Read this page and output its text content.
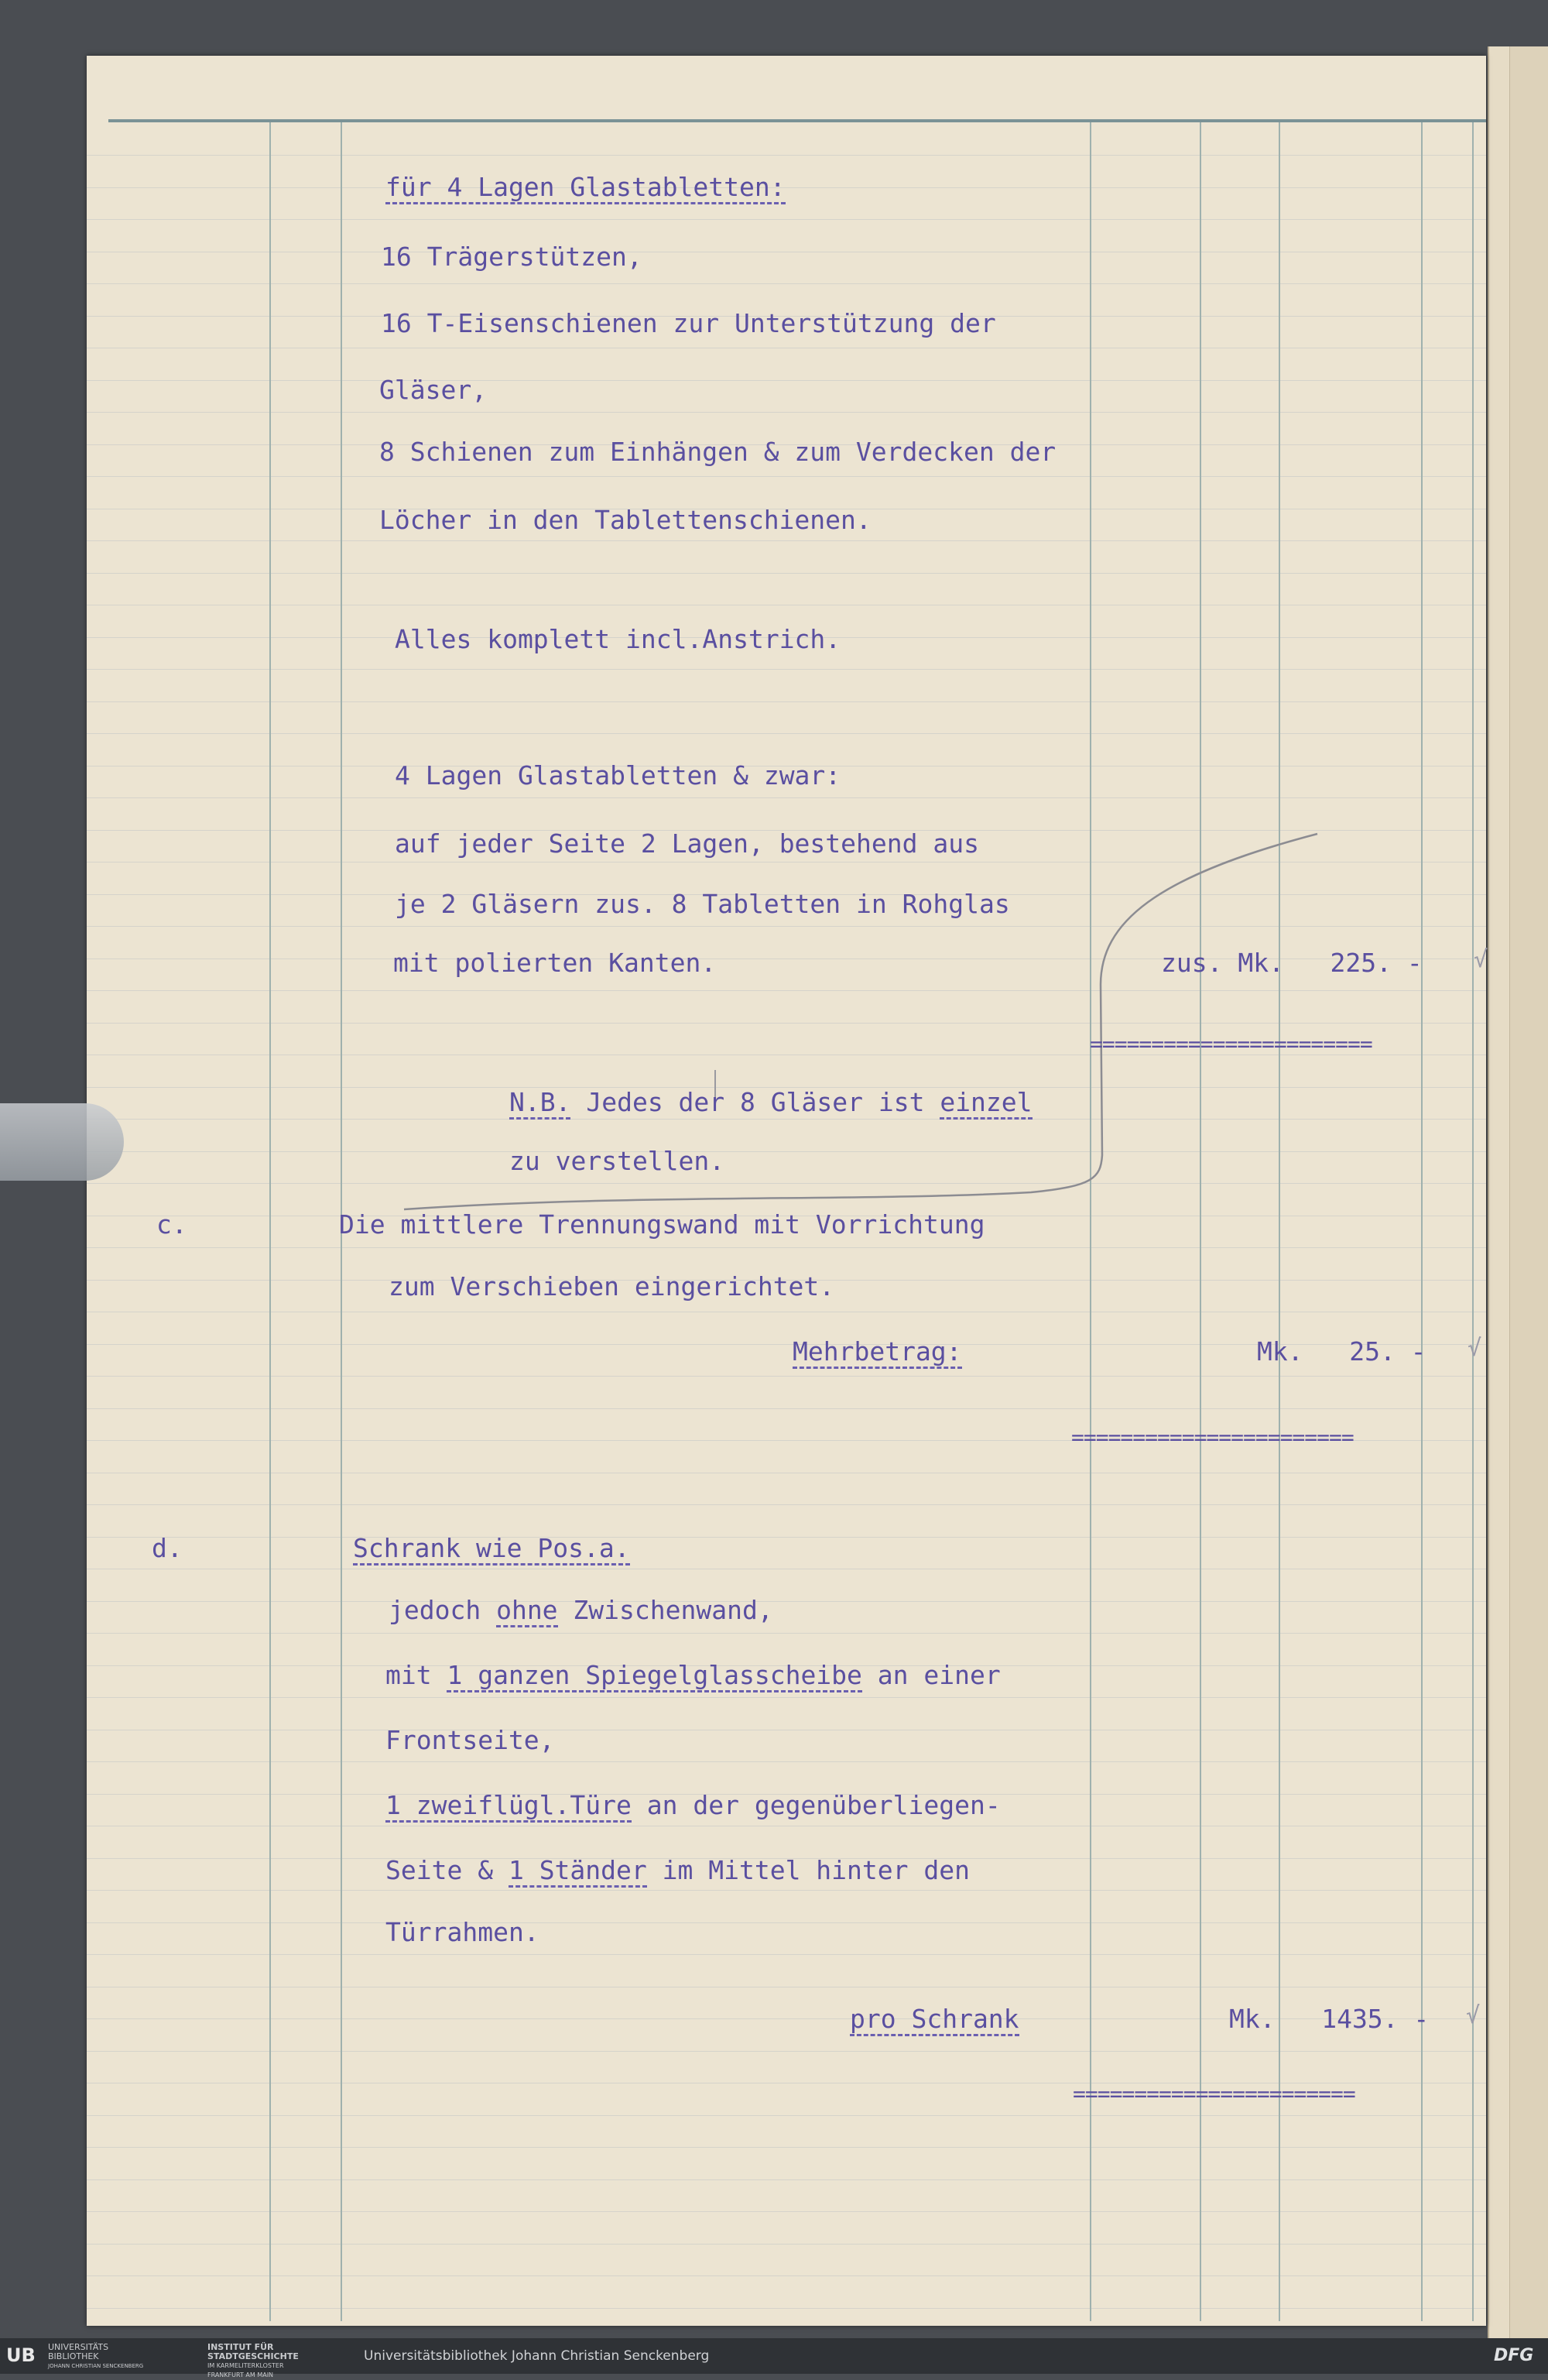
für 4 Lagen Glastabletten:
16 Trägerstützen,
16 T-Eisenschienen zur Unterstützung der
Gläser,
8 Schienen zum Einhängen & zum Verdecken der
Löcher in den Tablettenschienen.
Alles komplett incl.Anstrich.
4 Lagen Glastabletten & zwar:
auf jeder Seite 2 Lagen, bestehend aus
je 2 Gläsern zus. 8 Tabletten in Rohglas
mit polierten Kanten.	zus. Mk.   225. -
=======================
N.B. Jedes der 8 Gläser ist einzel
zu verstellen.
c.	Die mittlere Trennungswand mit Vorrichtung
zum Verschieben eingerichtet.
Mehrbetrag:	Mk.   25. -
=======================
d.	Schrank wie Pos.a.
jedoch ohne Zwischenwand,
mit 1 ganzen Spiegelglasscheibe an einer
Frontseite,
1 zweiflügl.Türe an der gegenüberliegen-
Seite & 1 Ständer im Mittel hinter den
Türrahmen.
pro Schrank	Mk.   1435. -
=======================
√
√
√
UB UNIVERSITÄTS
BIBLIOTHEK
JOHANN CHRISTIAN SENCKENBERG
INSTITUT FÜR
STADTGESCHICHTE
IM KARMELITERKLOSTER
FRANKFURT AM MAIN
Universitätsbibliothek Johann Christian Senckenberg	DFG
